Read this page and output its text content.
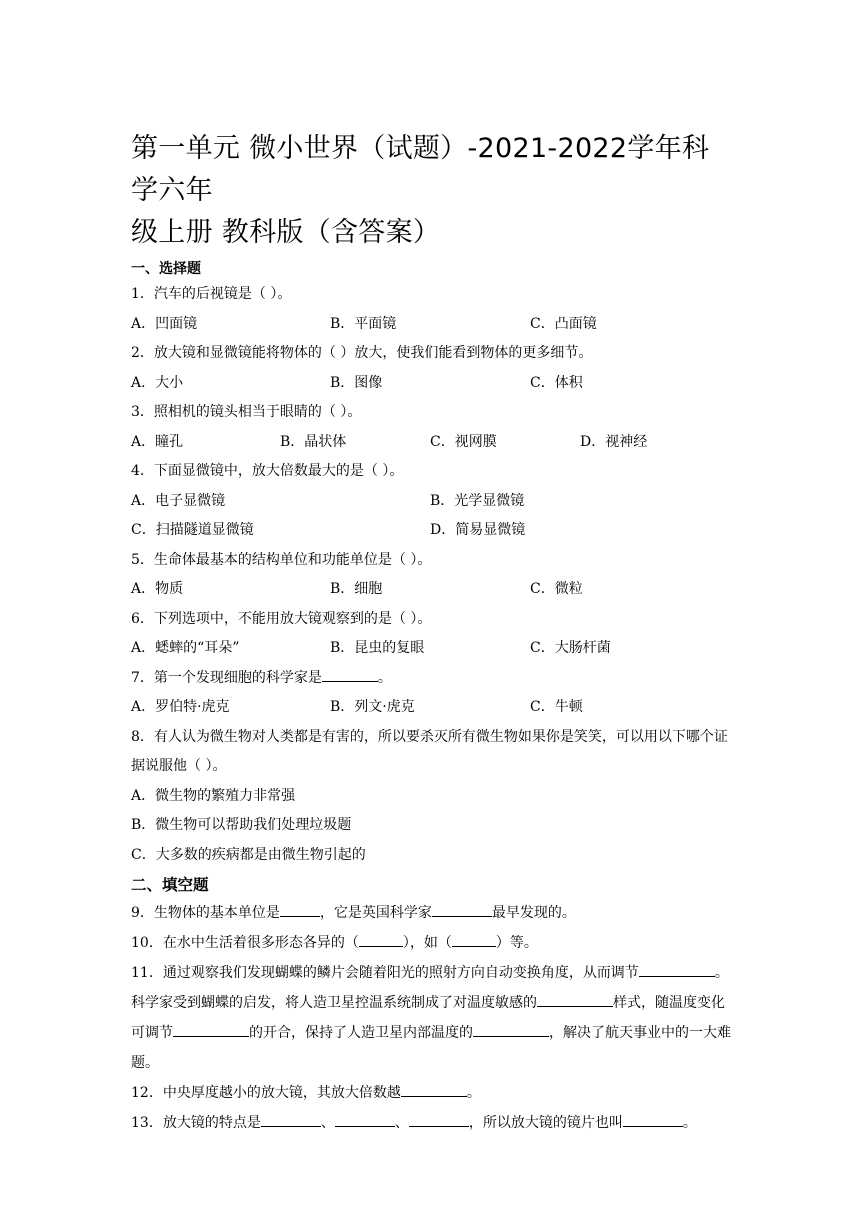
第一单元 微小世界（试题）-2021-2022学年科学六年
级上册 教科版（含答案）
一、选择题
1．汽车的后视镜是（ ）。
A．凹面镜	B．平面镜	C．凸面镜
2．放大镜和显微镜能将物体的（ ）放大，使我们能看到物体的更多细节。
A．大小	B．图像	C．体积
3．照相机的镜头相当于眼睛的（ ）。
A．瞳孔	B．晶状体	C．视网膜	D．视神经
4．下面显微镜中，放大倍数最大的是（ ）。
A．电子显微镜	B．光学显微镜
C．扫描隧道显微镜	D．简易显微镜
5．生命体最基本的结构单位和功能单位是（ ）。
A．物质	B．细胞	C．微粒
6．下列选项中，不能用放大镜观察到的是（ ）。
A．蟋蟀的“耳朵”	B．昆虫的复眼	C．大肠杆菌
7．第一个发现细胞的科学家是	。
A．罗伯特·虎克	B．列文·虎克	C．牛顿
8．有人认为微生物对人类都是有害的，所以要杀灭所有微生物如果你是笑笑，可以用以下哪个证据说服他（ ）。
A．微生物的繁殖力非常强
B．微生物可以帮助我们处理垃圾题
C．大多数的疾病都是由微生物引起的
二、填空题
9．生物体的基本单位是	，它是英国科学家	最早发现的。
10．在水中生活着很多形态各异的（	），如（	）等。
11．通过观察我们发现蝴蝶的鳞片会随着阳光的照射方向自动变换角度，从而调节	。科学家受到蝴蝶的启发，将人造卫星控温系统制成了对温度敏感的	样式，随温度变化可调节	的开合，保持了人造卫星内部温度的	，解决了航天事业中的一大难题。
12．中央厚度越小的放大镜，其放大倍数越	。
13．放大镜的特点是	、	、	，所以放大镜的镜片也叫	。
